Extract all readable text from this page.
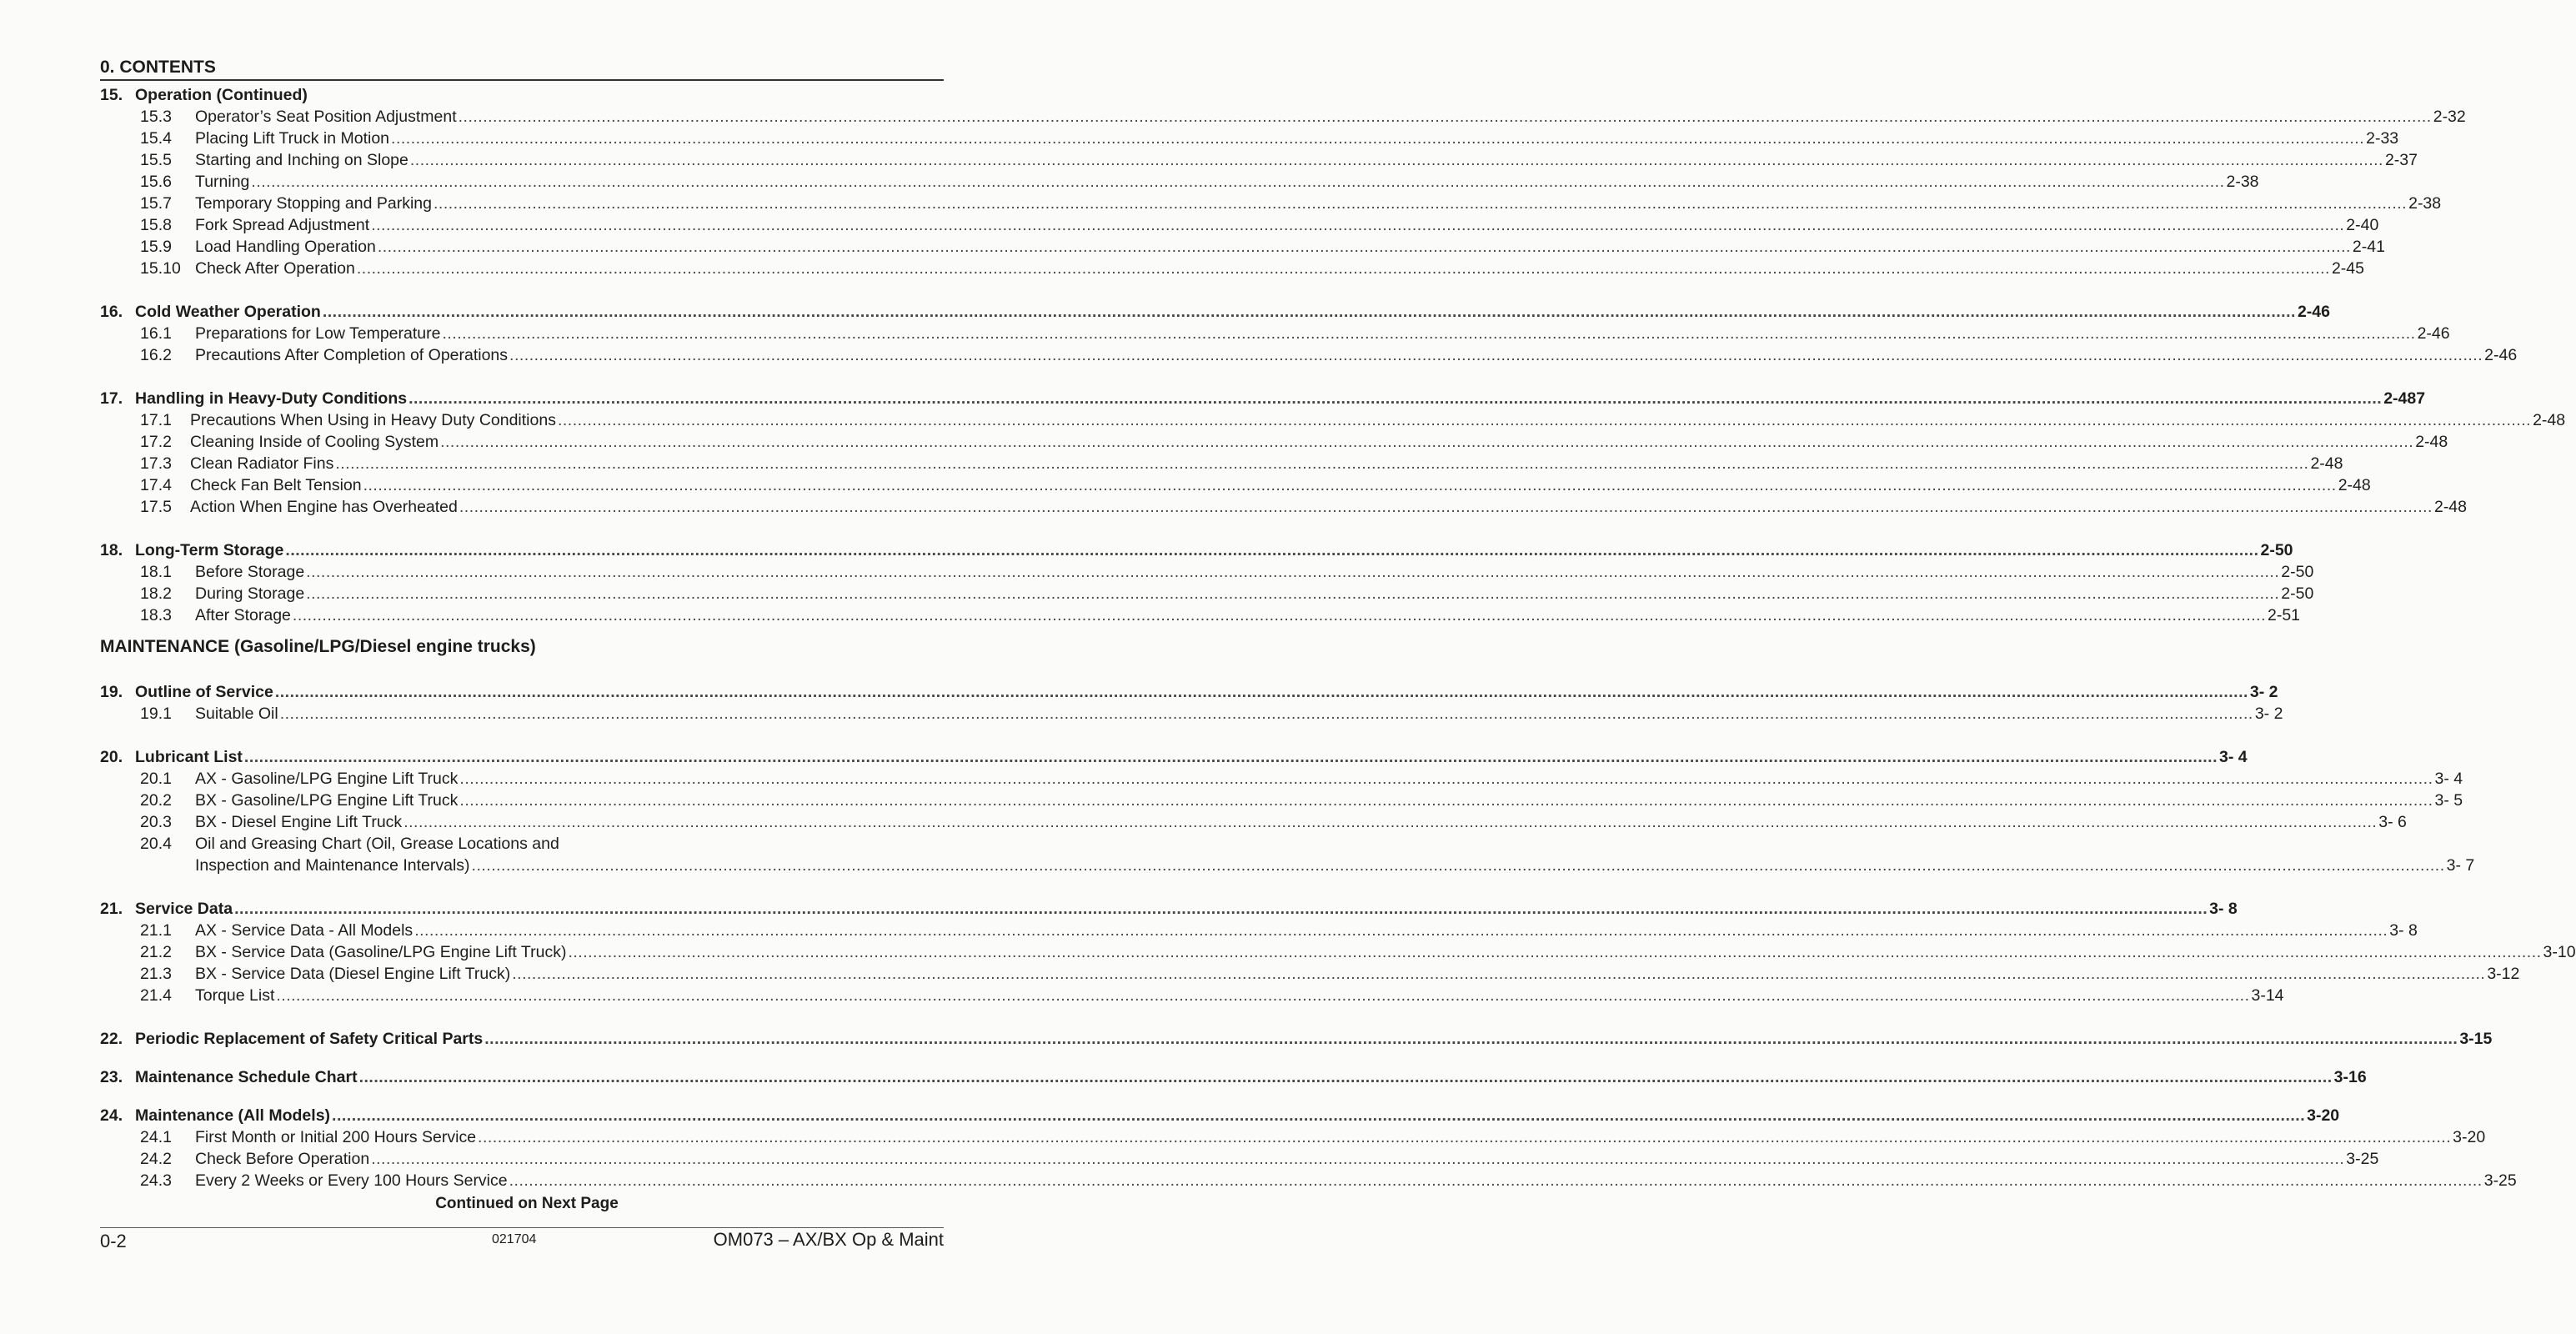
0. CONTENTS
15. Operation (Continued)
15.3	Operator’s Seat Position Adjustment ................................................................................................................................................................................................................................................................................................................................................................................................................ 2-32
15.4	Placing Lift Truck in Motion ................................................................................................................................................................................................................................................................................................................................................................................................................ 2-33
15.5	Starting and Inching on Slope ................................................................................................................................................................................................................................................................................................................................................................................................................ 2-37
15.6	Turning ................................................................................................................................................................................................................................................................................................................................................................................................................ 2-38
15.7	Temporary Stopping and Parking ................................................................................................................................................................................................................................................................................................................................................................................................................ 2-38
15.8	Fork Spread Adjustment ................................................................................................................................................................................................................................................................................................................................................................................................................ 2-40
15.9	Load Handling Operation ................................................................................................................................................................................................................................................................................................................................................................................................................ 2-41
15.10 Check After Operation ................................................................................................................................................................................................................................................................................................................................................................................................................ 2-45
16. Cold Weather Operation ................................................................................................................................................................................................................................................................................................................................................................................................................ 2-46
16.1	Preparations for Low Temperature ................................................................................................................................................................................................................................................................................................................................................................................................................ 2-46
16.2	Precautions After Completion of Operations ................................................................................................................................................................................................................................................................................................................................................................................................................ 2-46
17. Handling in Heavy-Duty Conditions ................................................................................................................................................................................................................................................................................................................................................................................................................ 2-487
17.1	Precautions When Using in Heavy Duty Conditions ................................................................................................................................................................................................................................................................................................................................................................................................................ 2-48
17.2	Cleaning Inside of Cooling System ................................................................................................................................................................................................................................................................................................................................................................................................................ 2-48
17.3	Clean Radiator Fins ................................................................................................................................................................................................................................................................................................................................................................................................................ 2-48
17.4	Check Fan Belt Tension ................................................................................................................................................................................................................................................................................................................................................................................................................ 2-48
17.5	Action When Engine has Overheated ................................................................................................................................................................................................................................................................................................................................................................................................................ 2-48
18. Long-Term Storage ................................................................................................................................................................................................................................................................................................................................................................................................................ 2-50
18.1	Before Storage ................................................................................................................................................................................................................................................................................................................................................................................................................ 2-50
18.2	During Storage ................................................................................................................................................................................................................................................................................................................................................................................................................ 2-50
18.3	After Storage ................................................................................................................................................................................................................................................................................................................................................................................................................ 2-51
MAINTENANCE (Gasoline/LPG/Diesel engine trucks)
19. Outline of Service ................................................................................................................................................................................................................................................................................................................................................................................................................ 3- 2
19.1	Suitable Oil ................................................................................................................................................................................................................................................................................................................................................................................................................ 3- 2
20. Lubricant List ................................................................................................................................................................................................................................................................................................................................................................................................................ 3- 4
20.1	AX - Gasoline/LPG Engine Lift Truck ................................................................................................................................................................................................................................................................................................................................................................................................................ 3- 4
20.2	BX - Gasoline/LPG Engine Lift Truck ................................................................................................................................................................................................................................................................................................................................................................................................................ 3- 5
20.3	BX - Diesel Engine Lift Truck ................................................................................................................................................................................................................................................................................................................................................................................................................ 3- 6
20.4	Oil and Greasing Chart (Oil, Grease Locations and
Inspection and Maintenance Intervals) ................................................................................................................................................................................................................................................................................................................................................................................................................ 3- 7
21. Service Data ................................................................................................................................................................................................................................................................................................................................................................................................................ 3- 8
21.1	AX - Service Data - All Models ................................................................................................................................................................................................................................................................................................................................................................................................................ 3- 8
21.2	BX - Service Data (Gasoline/LPG Engine Lift Truck) ................................................................................................................................................................................................................................................................................................................................................................................................................ 3-10
21.3	BX - Service Data (Diesel Engine Lift Truck) ................................................................................................................................................................................................................................................................................................................................................................................................................ 3-12
21.4	Torque List ................................................................................................................................................................................................................................................................................................................................................................................................................ 3-14
22. Periodic Replacement of Safety Critical Parts ................................................................................................................................................................................................................................................................................................................................................................................................................ 3-15
23. Maintenance Schedule Chart ................................................................................................................................................................................................................................................................................................................................................................................................................ 3-16
24. Maintenance (All Models) ................................................................................................................................................................................................................................................................................................................................................................................................................ 3-20
24.1	First Month or Initial 200 Hours Service ................................................................................................................................................................................................................................................................................................................................................................................................................ 3-20
24.2	Check Before Operation ................................................................................................................................................................................................................................................................................................................................................................................................................ 3-25
24.3	Every 2 Weeks or Every 100 Hours Service ................................................................................................................................................................................................................................................................................................................................................................................................................ 3-25
Continued on Next Page
0-2	021704	OM073 – AX/BX Op & Maint
